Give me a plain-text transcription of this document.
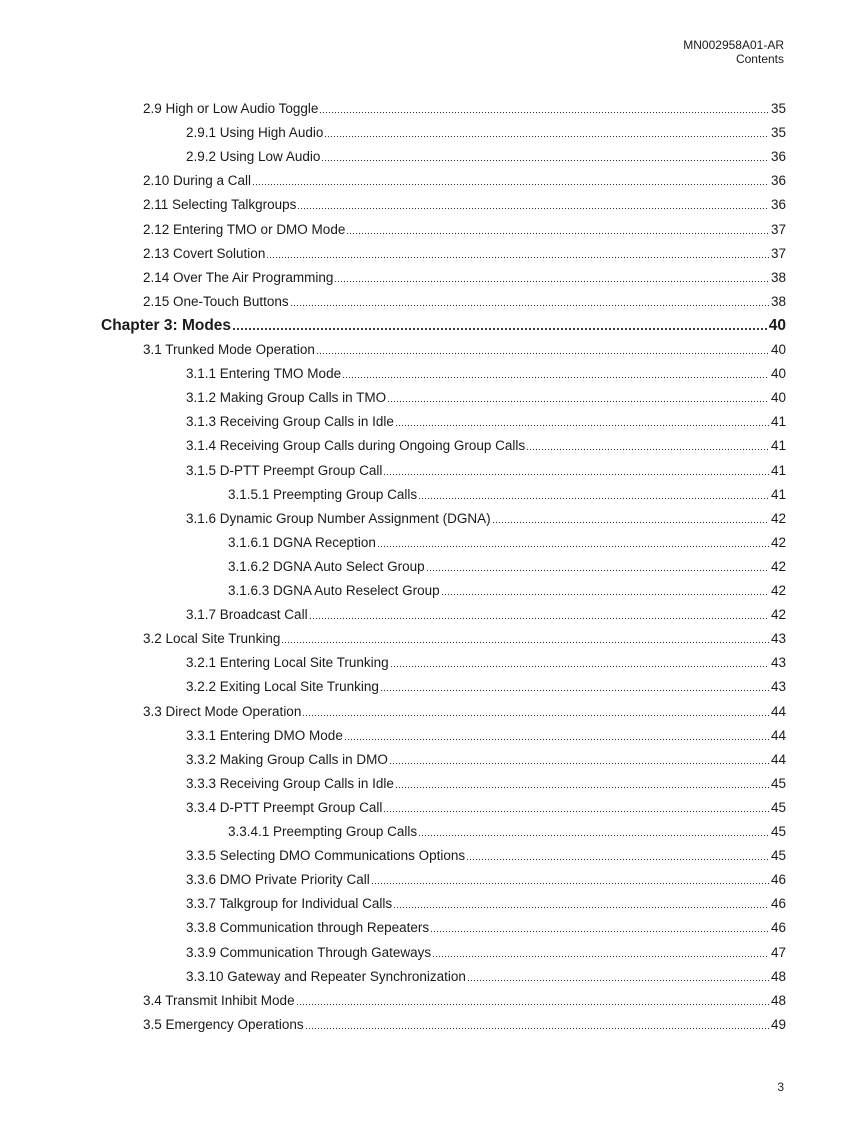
MN002958A01-AR
Contents
2.9 High or Low Audio Toggle	35
2.9.1 Using High Audio	35
2.9.2 Using Low Audio	36
2.10 During a Call	36
2.11 Selecting Talkgroups	36
2.12 Entering TMO or DMO Mode	37
2.13 Covert Solution	37
2.14 Over The Air Programming	38
2.15 One-Touch Buttons	38
Chapter 3: Modes	40
3.1 Trunked Mode Operation	40
3.1.1 Entering TMO Mode	40
3.1.2 Making Group Calls in TMO	40
3.1.3 Receiving Group Calls in Idle	41
3.1.4 Receiving Group Calls during Ongoing Group Calls	41
3.1.5 D-PTT Preempt Group Call	41
3.1.5.1 Preempting Group Calls	41
3.1.6 Dynamic Group Number Assignment (DGNA)	42
3.1.6.1 DGNA Reception	42
3.1.6.2 DGNA Auto Select Group	42
3.1.6.3 DGNA Auto Reselect Group	42
3.1.7 Broadcast Call	42
3.2 Local Site Trunking	43
3.2.1 Entering Local Site Trunking	43
3.2.2 Exiting Local Site Trunking	43
3.3 Direct Mode Operation	44
3.3.1 Entering DMO Mode	44
3.3.2 Making Group Calls in DMO	44
3.3.3 Receiving Group Calls in Idle	45
3.3.4 D-PTT Preempt Group Call	45
3.3.4.1 Preempting Group Calls	45
3.3.5 Selecting DMO Communications Options	45
3.3.6 DMO Private Priority Call	46
3.3.7 Talkgroup for Individual Calls	46
3.3.8 Communication through Repeaters	46
3.3.9 Communication Through Gateways	47
3.3.10 Gateway and Repeater Synchronization	48
3.4 Transmit Inhibit Mode	48
3.5 Emergency Operations	49
3
